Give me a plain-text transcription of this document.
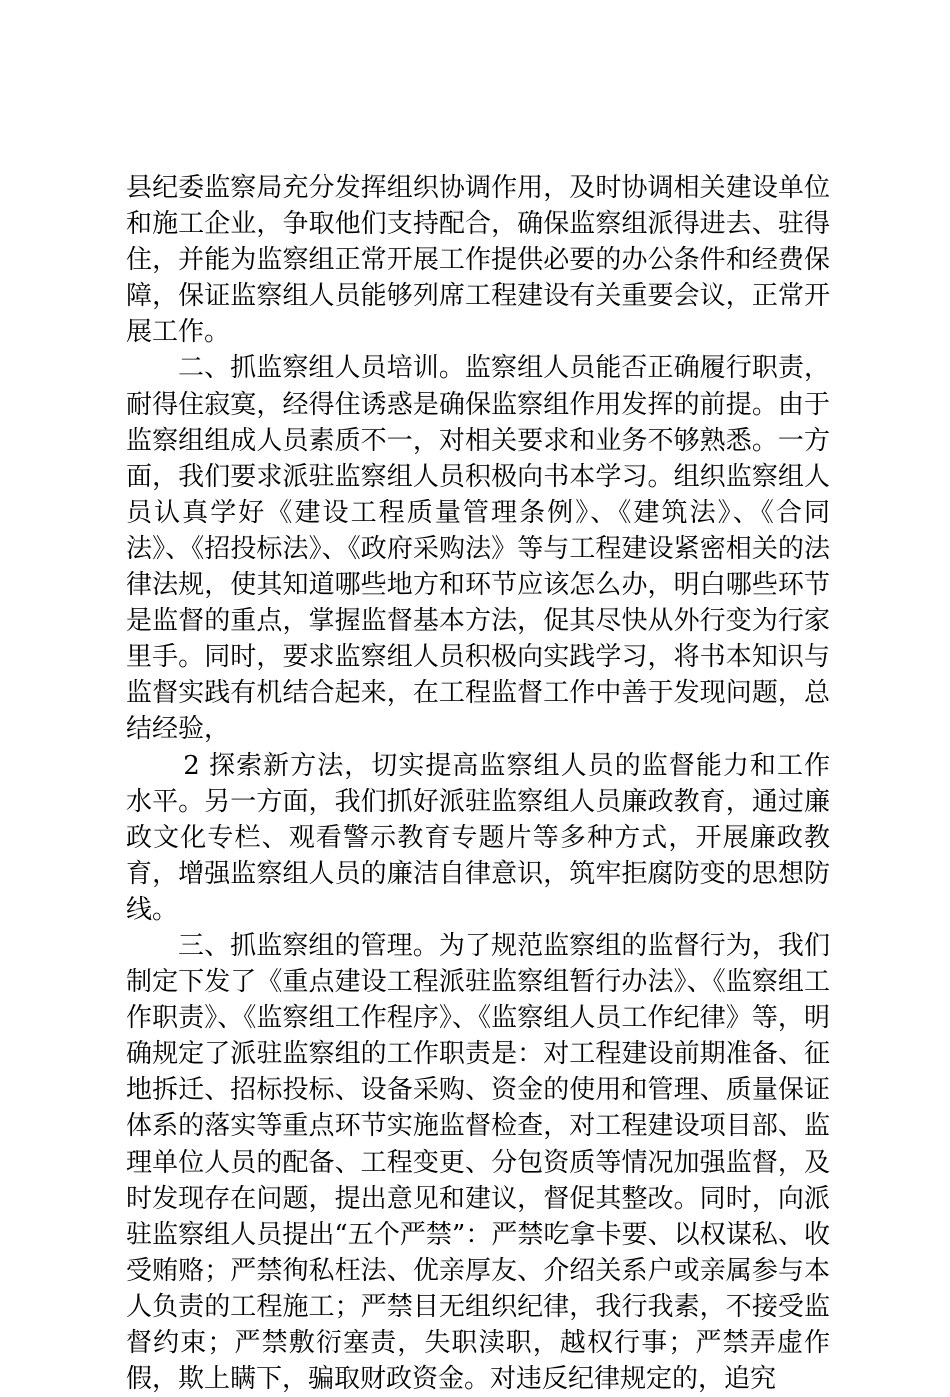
县纪委监察局充分发挥组织协调作用，及时协调相关建设单位和施工企业，争取他们支持配合，确保监察组派得进去、驻得住，并能为监察组正常开展工作提供必要的办公条件和经费保障，保证监察组人员能够列席工程建设有关重要会议，正常开展工作。

二、抓监察组人员培训。监察组人员能否正确履行职责，耐得住寂寞，经得住诱惑是确保监察组作用发挥的前提。由于监察组组成人员素质不一，对相关要求和业务不够熟悉。一方面，我们要求派驻监察组人员积极向书本学习。组织监察组人员认真学好《建设工程质量管理条例》、《建筑法》、《合同法》、《招投标法》、《政府采购法》等与工程建设紧密相关的法律法规，使其知道哪些地方和环节应该怎么办，明白哪些环节是监督的重点，掌握监督基本方法，促其尽快从外行变为行家里手。同时，要求监察组人员积极向实践学习，将书本知识与监督实践有机结合起来，在工程监督工作中善于发现问题，总结经验，

2 探索新方法，切实提高监察组人员的监督能力和工作水平。另一方面，我们抓好派驻监察组人员廉政教育，通过廉政文化专栏、观看警示教育专题片等多种方式，开展廉政教育，增强监察组人员的廉洁自律意识，筑牢拒腐防变的思想防线。

三、抓监察组的管理。为了规范监察组的监督行为，我们制定下发了《重点建设工程派驻监察组暂行办法》、《监察组工作职责》、《监察组工作程序》、《监察组人员工作纪律》等，明确规定了派驻监察组的工作职责是：对工程建设前期准备、征地拆迁、招标投标、设备采购、资金的使用和管理、质量保证体系的落实等重点环节实施监督检查，对工程建设项目部、监理单位人员的配备、工程变更、分包资质等情况加强监督，及时发现存在问题，提出意见和建议，督促其整改。同时，向派驻监察组人员提出“五个严禁”：严禁吃拿卡要、以权谋私、收受贿赂；严禁徇私枉法、优亲厚友、介绍关系户或亲属参与本人负责的工程施工；严禁目无组织纪律，我行我素，不接受监督约束；严禁敷衍塞责，失职渎职，越权行事；严禁弄虚作假，欺上瞒下，骗取财政资金。对违反纪律规定的，追究
